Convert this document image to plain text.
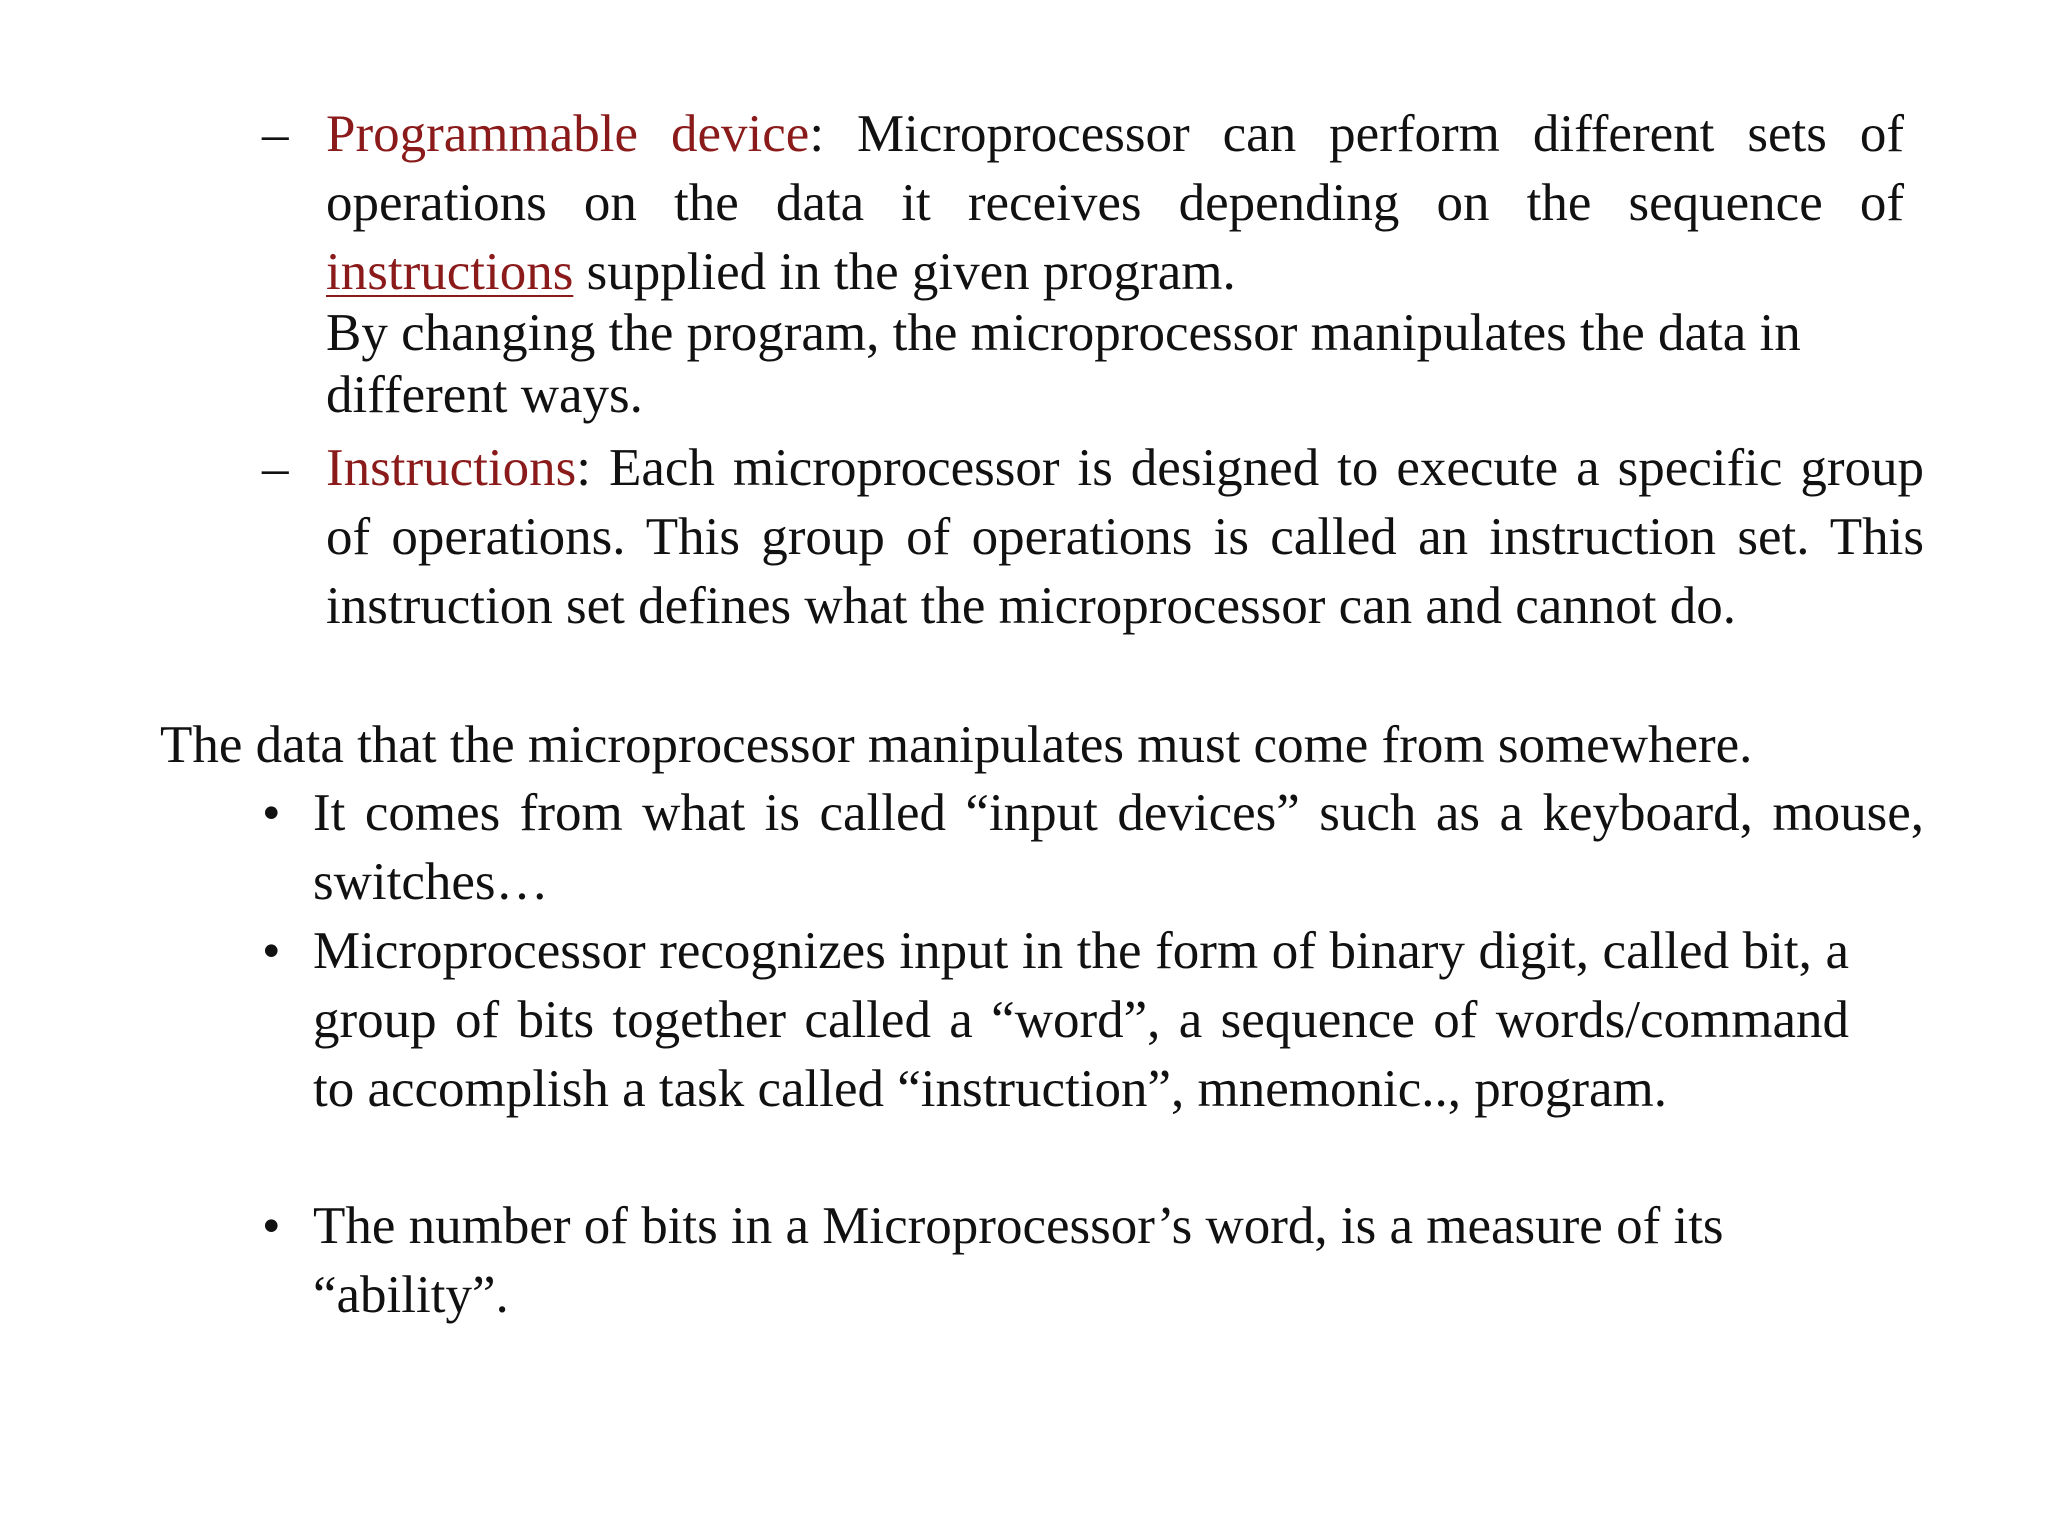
– Programmable device: Microprocessor can perform different sets of operations on the data it receives depending on the sequence of instructions supplied in the given program.
By changing the program, the microprocessor manipulates the data in different ways.
– Instructions: Each microprocessor is designed to execute a specific group of operations. This group of operations is called an instruction set. This instruction set defines what the microprocessor can and cannot do.
The data that the microprocessor manipulates must come from somewhere.
• It comes from what is called “input devices” such as a keyboard, mouse, switches…
• Microprocessor recognizes input in the form of binary digit, called bit, a group of bits together called a “word”, a sequence of words/command to accomplish a task called “instruction”, mnemonic.., program.
• The number of bits in a Microprocessor’s word, is a measure of its “ability”.
